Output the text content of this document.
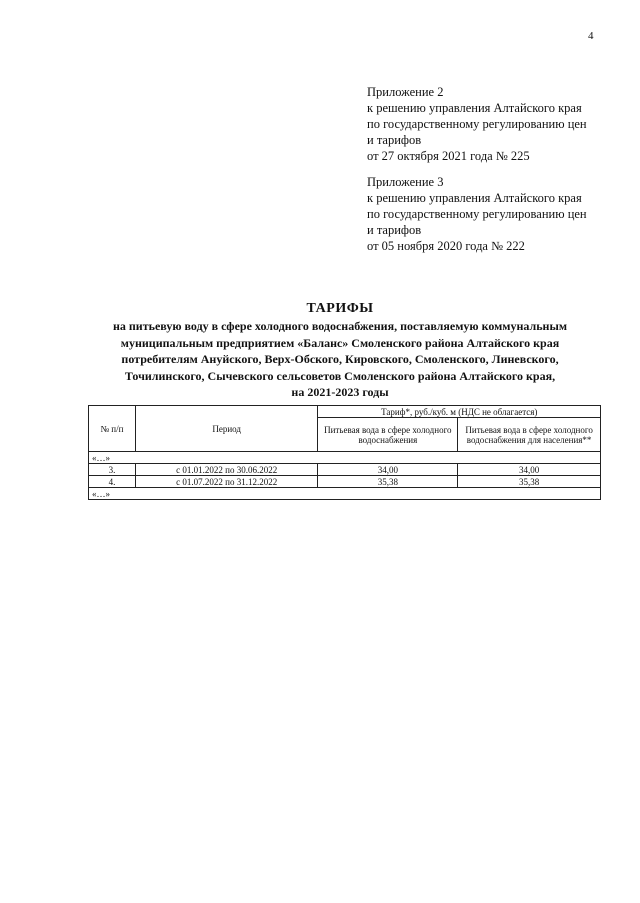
4
Приложение 2
к решению управления Алтайского края
по государственному регулированию цен
и тарифов
от 27 октября 2021 года № 225
Приложение 3
к решению управления Алтайского края
по государственному регулированию цен
и тарифов
от 05 ноября 2020 года № 222
ТАРИФЫ
на питьевую воду в сфере холодного водоснабжения, поставляемую коммунальным
муниципальным предприятием «Баланс» Смоленского района Алтайского края
потребителям Ануйского, Верх-Обского, Кировского, Смоленского, Линевского,
Точилинского, Сычевского сельсоветов Смоленского района Алтайского края,
на 2021-2023 годы
№ п/п	Период	Тариф*, руб./куб. м (НДС не облагается)	
		Питьевая вода в сфере холодного водоснабжения	Питьевая вода в сфере холодного водоснабжения для населения**
«…»			
3.	с 01.01.2022 по 30.06.2022	34,00	34,00
4.	с 01.07.2022 по 31.12.2022	35,38	35,38
«…»			
